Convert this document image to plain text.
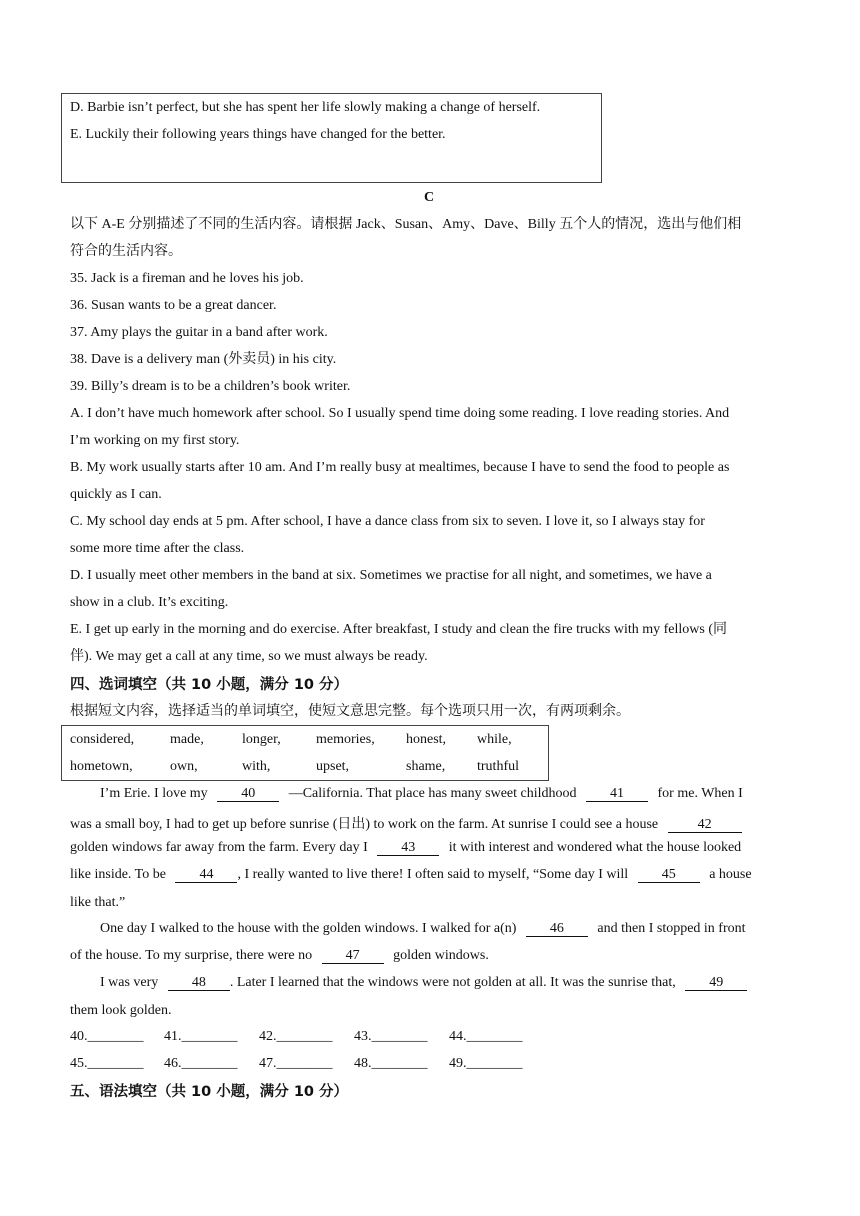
D. Barbie isn’t perfect, but she has spent her life slowly making a change of herself.
E. Luckily their following years things have changed for the better.
C
以下 A-E 分别描述了不同的生活内容。请根据 Jack、Susan、Amy、Dave、Billy 五个人的情况，选出与他们相
符合的生活内容。
35. Jack is a fireman and he loves his job.
36. Susan wants to be a great dancer.
37. Amy plays the guitar in a band after work.
38. Dave is a delivery man (外卖员) in his city.
39. Billy’s dream is to be a children’s book writer.
A. I don’t have much homework after school. So I usually spend time doing some reading. I love reading stories. And
I’m working on my first story.
B. My work usually starts after 10 am. And I’m really busy at mealtimes, because I have to send the food to people as
quickly as I can.
C. My school day ends at 5 pm. After school, I have a dance class from six to seven. I love it, so I always stay for
some more time after the class.
D. I usually meet other members in the band at six. Sometimes we practise for all night, and sometimes, we have a
show in a club. It’s exciting.
E. I get up early in the morning and do exercise. After breakfast, I study and clean the fire trucks with my fellows (同
伴). We may get a call at any time, so we must always be ready.
四、选词填空（共 10 小题，满分 10 分）
根据短文内容，选择适当的单词填空，使短文意思完整。每个选项只用一次，有两项剩余。
considered,	made,	longer,	memories, honest, while,
hometown,	own,	with,	upset,	shame, truthful
I’m Erie. I love my 40 —California. That place has many sweet childhood 41 for me. When I
was a small boy, I had to get up before sunrise (日出) to work on the farm. At sunrise I could see a house	42
golden windows far away from the farm. Every day I 43 it with interest and wondered what the house looked
like inside. To be 44 , I really wanted to live there! I often said to myself, “Some day I will 45 a house
like that.”
One day I walked to the house with the golden windows. I walked for a(n) 46 and then I stopped in front
of the house. To my surprise, there were no 47 golden windows.
I was very 48 . Later I learned that the windows were not golden at all. It was the sunrise that, 49
them look golden.
40.________ 41.________ 42.________ 43.________ 44.________
45.________ 46.________ 47.________ 48.________ 49.________
五、语法填空（共 10 小题，满分 10 分）
